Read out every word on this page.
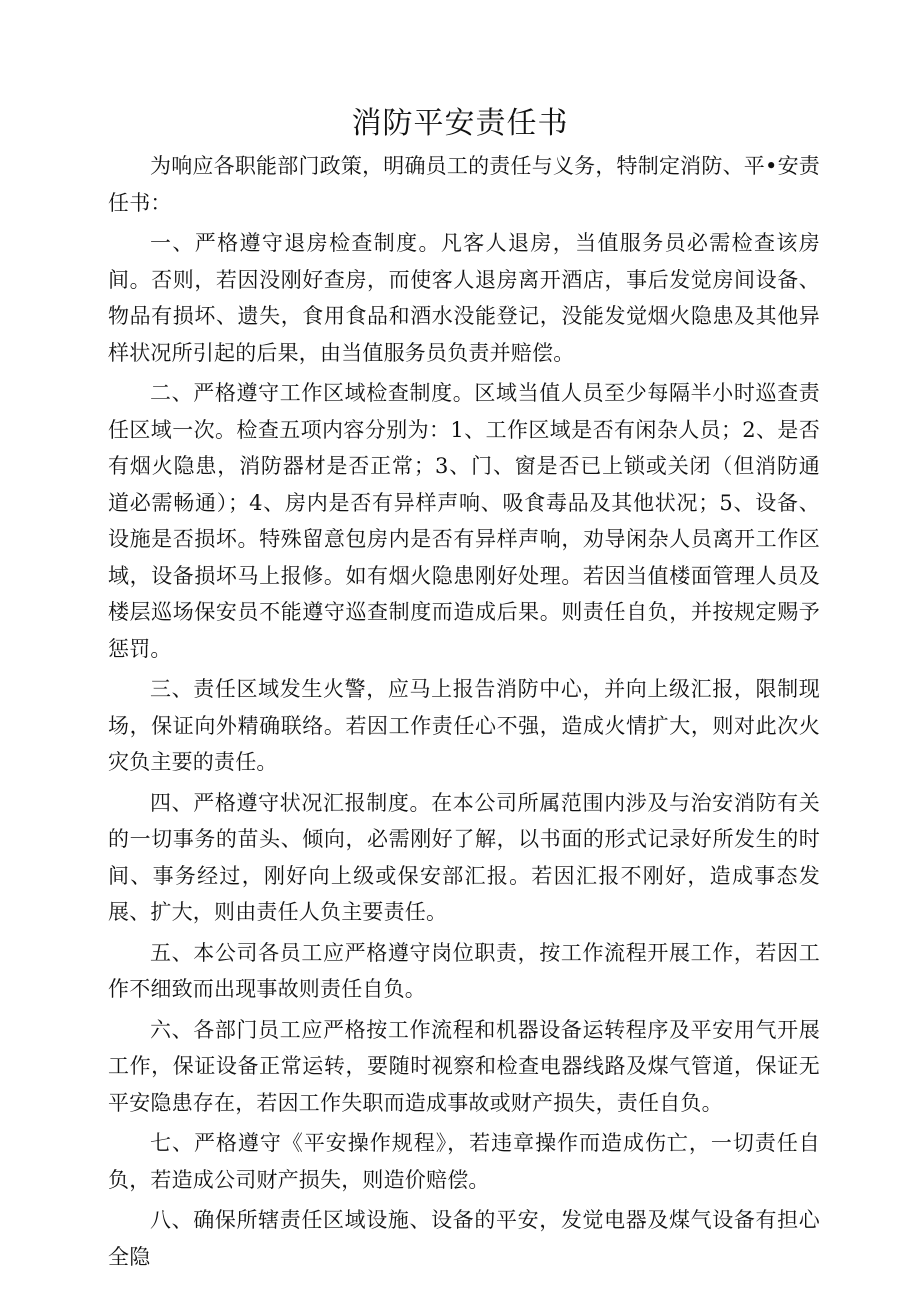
消防平安责任书

为响应各职能部门政策，明确员工的责任与义务，特制定消防、平•安责任书：

一、严格遵守退房检查制度。凡客人退房，当值服务员必需检查该房间。否则，若因没刚好查房，而使客人退房离开酒店，事后发觉房间设备、物品有损坏、遗失，食用食品和酒水没能登记，没能发觉烟火隐患及其他异样状况所引起的后果，由当值服务员负责并赔偿。

二、严格遵守工作区域检查制度。区域当值人员至少每隔半小时巡查责任区域一次。检查五项内容分别为：1、工作区域是否有闲杂人员；2、是否有烟火隐患，消防器材是否正常；3、门、窗是否已上锁或关闭（但消防通道必需畅通）；4、房内是否有异样声响、吸食毒品及其他状况；5、设备、设施是否损坏。特殊留意包房内是否有异样声响，劝导闲杂人员离开工作区域，设备损坏马上报修。如有烟火隐患刚好处理。若因当值楼面管理人员及楼层巡场保安员不能遵守巡查制度而造成后果。则责任自负，并按规定赐予惩罚。

三、责任区域发生火警，应马上报告消防中心，并向上级汇报，限制现场，保证向外精确联络。若因工作责任心不强，造成火情扩大，则对此次火灾负主要的责任。

四、严格遵守状况汇报制度。在本公司所属范围内涉及与治安消防有关的一切事务的苗头、倾向，必需刚好了解，以书面的形式记录好所发生的时间、事务经过，刚好向上级或保安部汇报。若因汇报不刚好，造成事态发展、扩大，则由责任人负主要责任。

五、本公司各员工应严格遵守岗位职责，按工作流程开展工作，若因工作不细致而出现事故则责任自负。

六、各部门员工应严格按工作流程和机器设备运转程序及平安用气开展工作，保证设备正常运转，要随时视察和检查电器线路及煤气管道，保证无平安隐患存在，若因工作失职而造成事故或财产损失，责任自负。

七、严格遵守《平安操作规程》，若违章操作而造成伤亡，一切责任自负，若造成公司财产损失，则造价赔偿。

八、确保所辖责任区域设施、设备的平安，发觉电器及煤气设备有担心全隐
